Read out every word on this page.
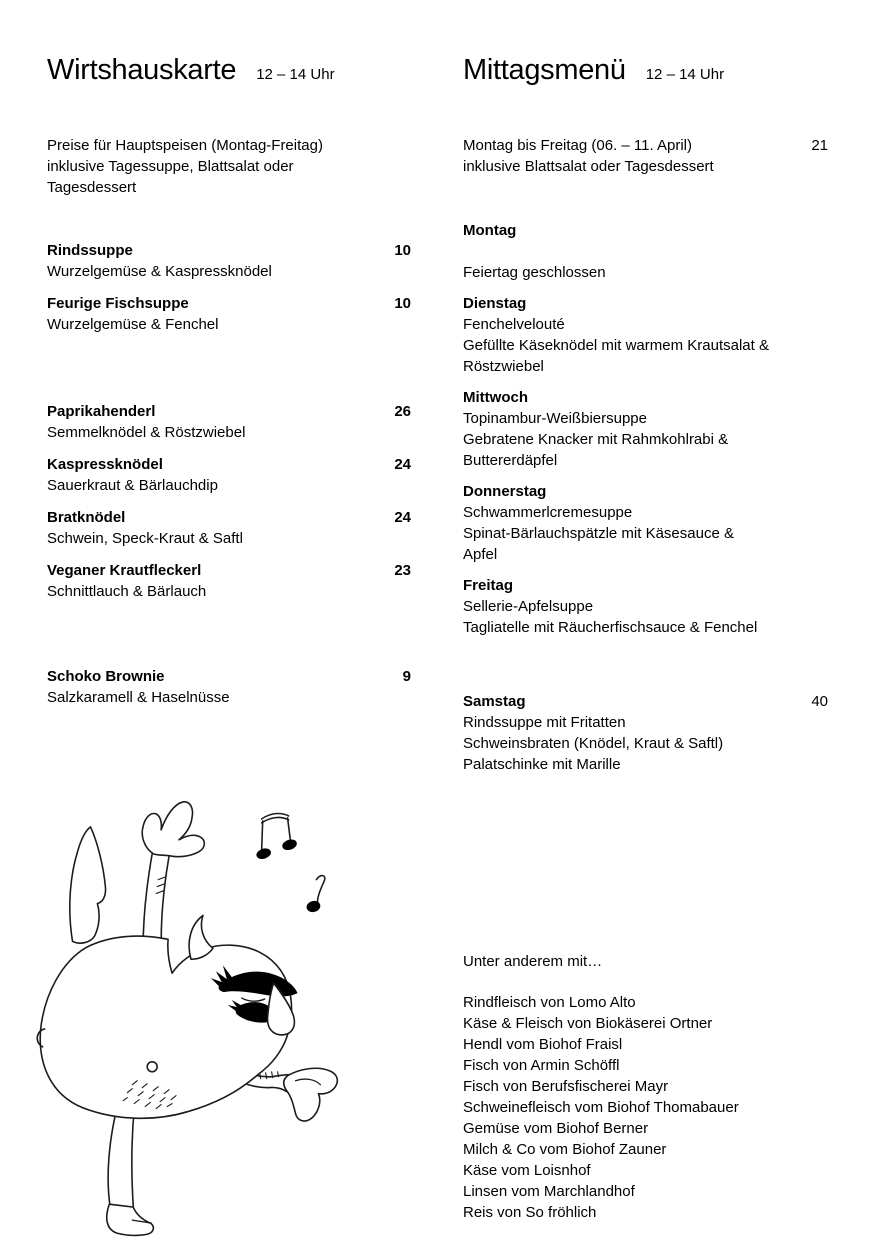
Wirtshauskarte 12 – 14 Uhr
Preise für Hauptspeisen (Montag-Freitag)
inklusive Tagessuppe, Blattsalat oder
Tagesdessert
Rindssuppe	10
Wurzelgemüse & Kaspressknödel
Feurige Fischsuppe	10
Wurzelgemüse & Fenchel
Paprikahenderl	26
Semmelknödel & Röstzwiebel
Kaspressknödel	24
Sauerkraut & Bärlauchdip
Bratknödel	24
Schwein, Speck-Kraut & Saftl
Veganer Krautfleckerl	23
Schnittlauch & Bärlauch
Schoko Brownie	9
Salzkaramell & Haselnüsse
Mittagsmenü 12 – 14 Uhr
Montag bis Freitag (06. – 11. April)	21
inklusive Blattsalat oder Tagesdessert
Montag
Feiertag geschlossen
Dienstag
Fenchelvelouté
Gefüllte Käseknödel mit warmem Krautsalat &
Röstzwiebel
Mittwoch
Topinambur-Weißbiersuppe
Gebratene Knacker mit Rahmkohlrabi &
Buttererdäpfel
Donnerstag
Schwammerlcremesuppe
Spinat-Bärlauchspätzle mit Käsesauce &
Apfel
Freitag
Sellerie-Apfelsuppe
Tagliatelle mit Räucherfischsauce & Fenchel
Samstag	40
Rindssuppe mit Fritatten
Schweinsbraten (Knödel, Kraut & Saftl)
Palatschinke mit Marille
Unter anderem mit…
Rindfleisch von Lomo Alto
Käse & Fleisch von Biokäserei Ortner
Hendl vom Biohof Fraisl
Fisch von Armin Schöffl
Fisch von Berufsfischerei Mayr
Schweinefleisch vom Biohof Thomabauer
Gemüse vom Biohof Berner
Milch & Co vom Biohof Zauner
Käse vom Loisnhof
Linsen vom Marchlandhof
Reis von So fröhlich
